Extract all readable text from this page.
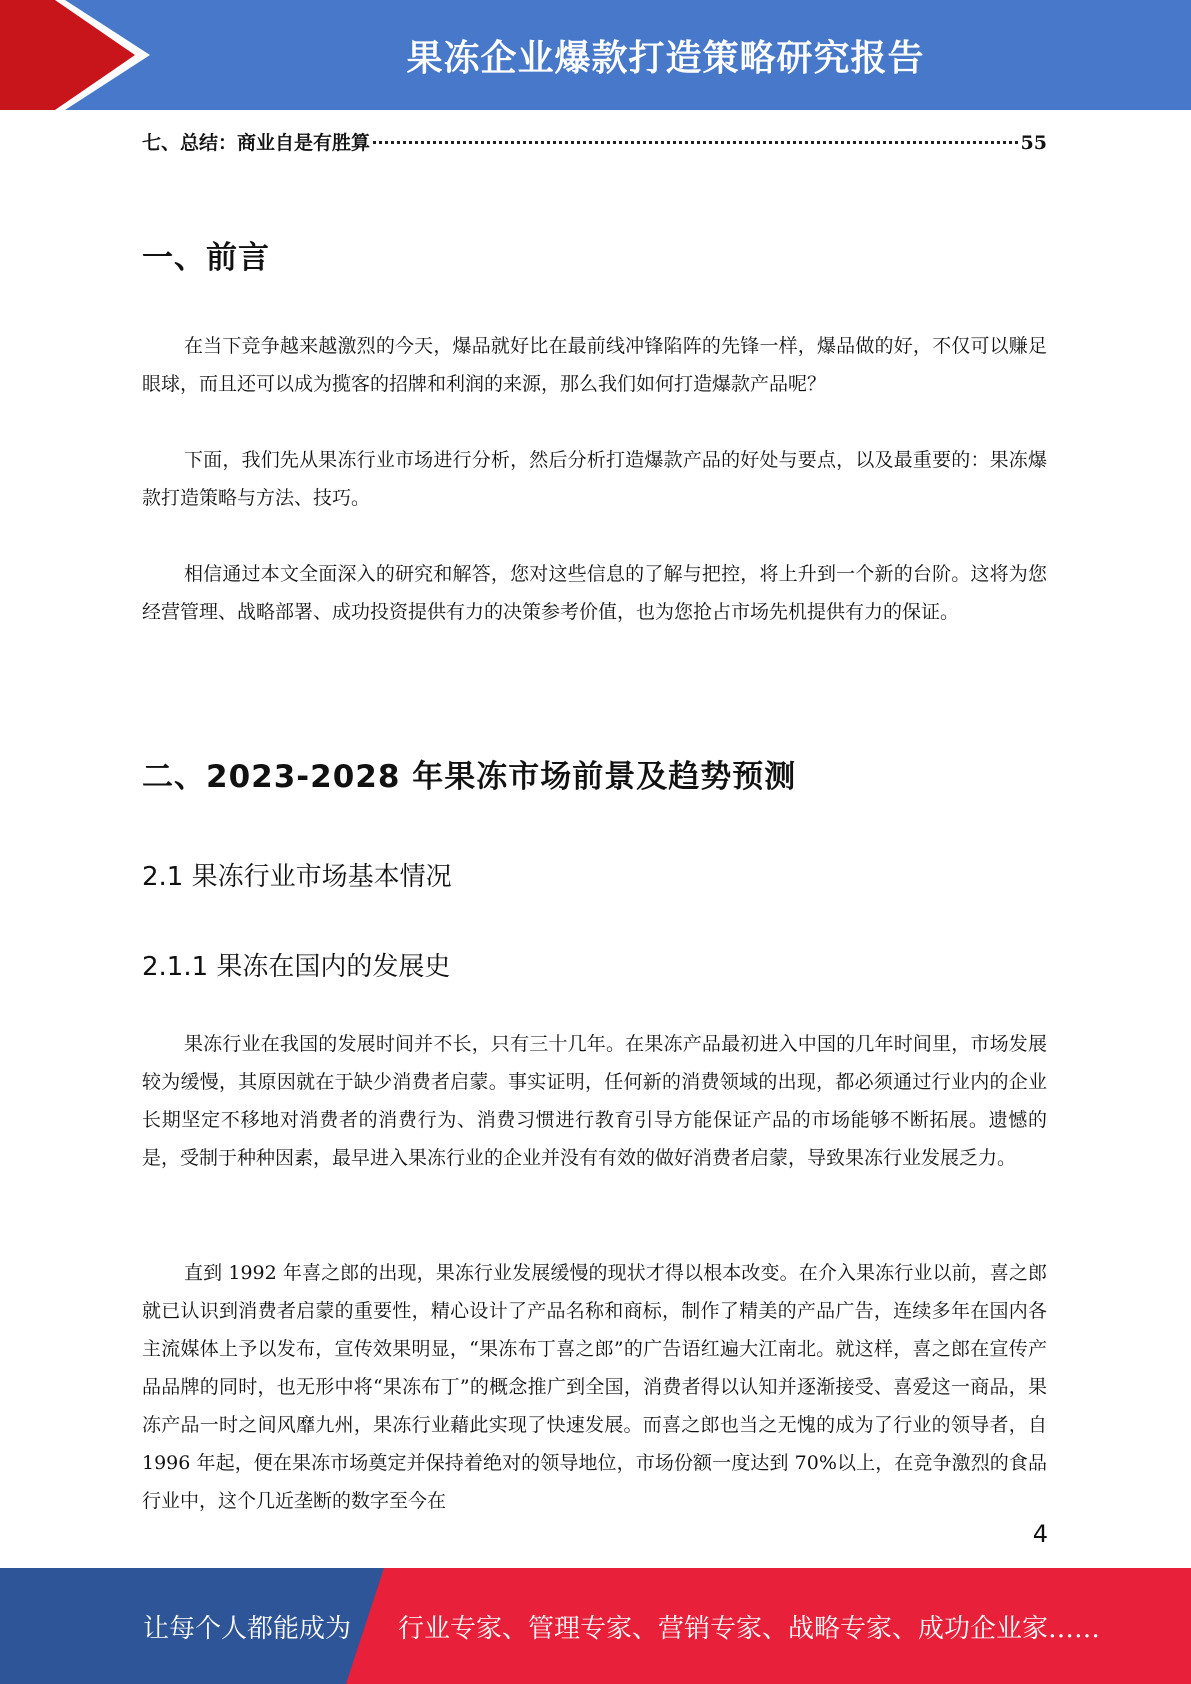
果冻企业爆款打造策略研究报告
七、总结：商业自是有胜算	55
一、前言

在当下竞争越来越激烈的今天，爆品就好比在最前线冲锋陷阵的先锋一样，爆品做的好，不仅可以赚足眼球，而且还可以成为揽客的招牌和利润的来源，那么我们如何打造爆款产品呢？

下面，我们先从果冻行业市场进行分析，然后分析打造爆款产品的好处与要点，以及最重要的：果冻爆款打造策略与方法、技巧。

相信通过本文全面深入的研究和解答，您对这些信息的了解与把控，将上升到一个新的台阶。这将为您经营管理、战略部署、成功投资提供有力的决策参考价值，也为您抢占市场先机提供有力的保证。

二、2023-2028 年果冻市场前景及趋势预测
2.1 果冻行业市场基本情况
2.1.1 果冻在国内的发展史

果冻行业在我国的发展时间并不长，只有三十几年。在果冻产品最初进入中国的几年时间里，市场发展较为缓慢，其原因就在于缺少消费者启蒙。事实证明，任何新的消费领域的出现，都必须通过行业内的企业长期坚定不移地对消费者的消费行为、消费习惯进行教育引导方能保证产品的市场能够不断拓展。遗憾的是，受制于种种因素，最早进入果冻行业的企业并没有有效的做好消费者启蒙，导致果冻行业发展乏力。

直到 1992 年喜之郎的出现，果冻行业发展缓慢的现状才得以根本改变。在介入果冻行业以前，喜之郎就已认识到消费者启蒙的重要性，精心设计了产品名称和商标，制作了精美的产品广告，连续多年在国内各主流媒体上予以发布，宣传效果明显，“果冻布丁喜之郎”的广告语红遍大江南北。就这样，喜之郎在宣传产品品牌的同时，也无形中将“果冻布丁”的概念推广到全国，消费者得以认知并逐渐接受、喜爱这一商品，果冻产品一时之间风靡九州，果冻行业藉此实现了快速发展。而喜之郎也当之无愧的成为了行业的领导者，自 1996 年起，便在果冻市场奠定并保持着绝对的领导地位，市场份额一度达到 70%以上，在竞争激烈的食品行业中，这个几近垄断的数字至今在

4
让每个人都能成为 行业专家、管理专家、营销专家、战略专家、成功企业家……
